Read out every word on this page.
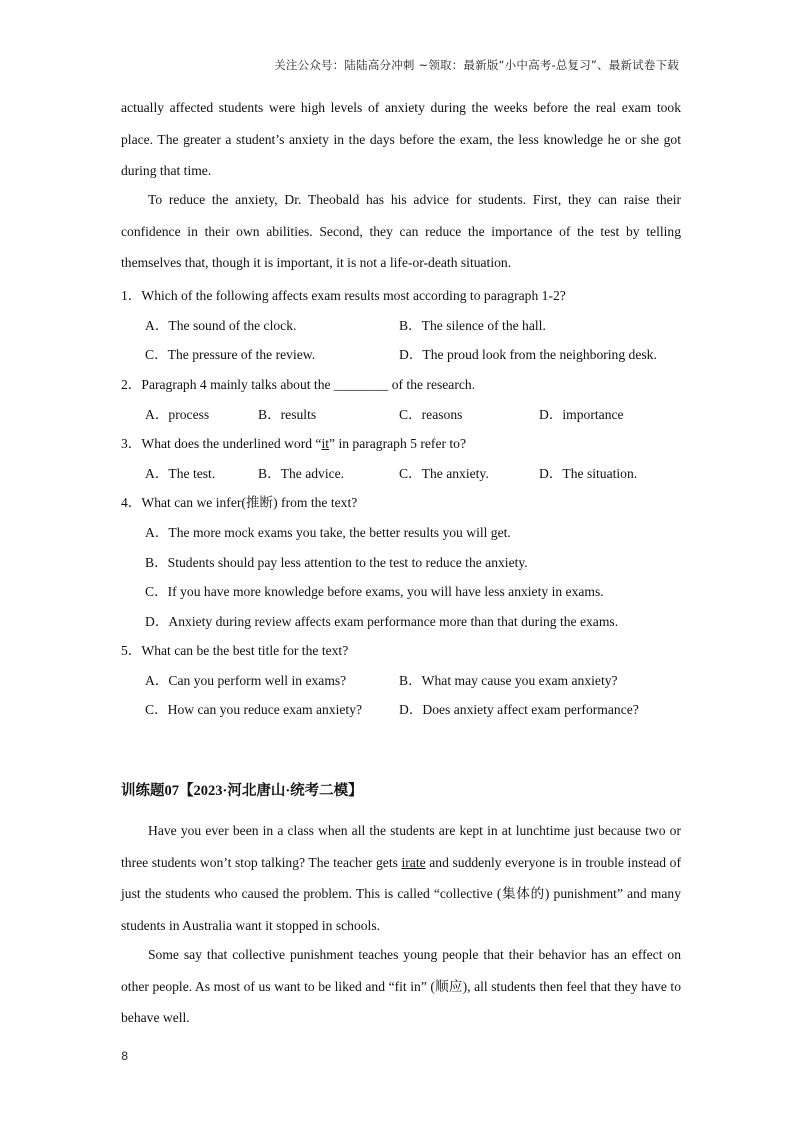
关注公众号：陆陆高分冲刺 ~领取：最新版“小中高考-总复习”、最新试卷下载
actually affected students were high levels of anxiety during the weeks before the real exam took place. The greater a student’s anxiety in the days before the exam, the less knowledge he or she got during that time.
To reduce the anxiety, Dr. Theobald has his advice for students. First, they can raise their confidence in their own abilities. Second, they can reduce the importance of the test by telling themselves that, though it is important, it is not a life-or-death situation.
1．Which of the following affects exam results most according to paragraph 1-2?
A．The sound of the clock.	B．The silence of the hall.
C．The pressure of the review.	D．The proud look from the neighboring desk.
2．Paragraph 4 mainly talks about the ________ of the research.
A．process	B．results	C．reasons	D．importance
3．What does the underlined word “it” in paragraph 5 refer to?
A．The test.	B．The advice.	C．The anxiety.	D．The situation.
4．What can we infer(推断) from the text?
A．The more mock exams you take, the better results you will get.
B．Students should pay less attention to the test to reduce the anxiety.
C．If you have more knowledge before exams, you will have less anxiety in exams.
D．Anxiety during review affects exam performance more than that during the exams.
5．What can be the best title for the text?
A．Can you perform well in exams?	B．What may cause you exam anxiety?
C．How can you reduce exam anxiety?	D．Does anxiety affect exam performance?
训练题07【2023·河北唐山·统考二模】
Have you ever been in a class when all the students are kept in at lunchtime just because two or three students won’t stop talking? The teacher gets irate and suddenly everyone is in trouble instead of just the students who caused the problem. This is called “collective (集体的) punishment” and many students in Australia want it stopped in schools.
Some say that collective punishment teaches young people that their behavior has an effect on other people. As most of us want to be liked and “fit in” (顺应), all students then feel that they have to behave well.
8
